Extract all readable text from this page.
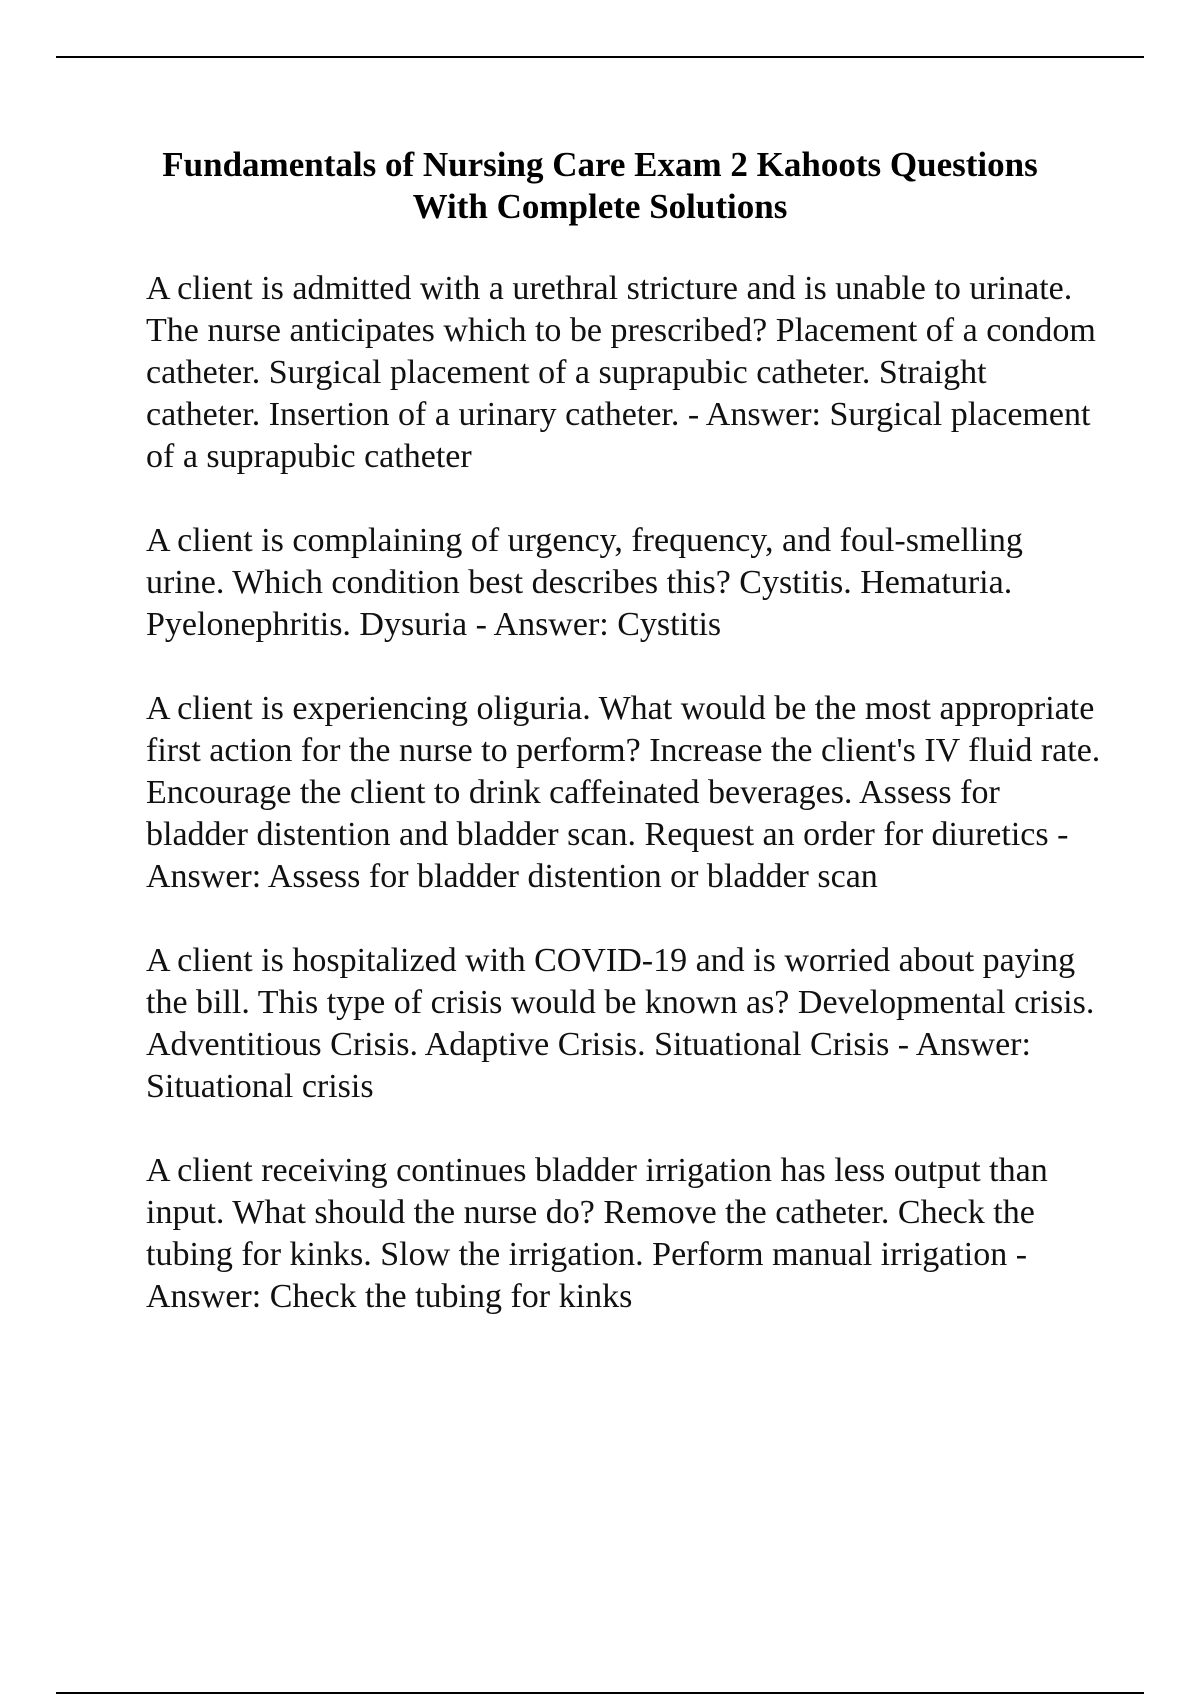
Fundamentals of Nursing Care Exam 2 Kahoots Questions
With Complete Solutions

A client is admitted with a urethral stricture and is unable to urinate. The nurse anticipates which to be prescribed? Placement of a condom catheter. Surgical placement of a suprapubic catheter. Straight catheter. Insertion of a urinary catheter. - Answer: Surgical placement of a suprapubic catheter

A client is complaining of urgency, frequency, and foul-smelling urine. Which condition best describes this? Cystitis. Hematuria. Pyelonephritis. Dysuria - Answer: Cystitis

A client is experiencing oliguria. What would be the most appropriate first action for the nurse to perform? Increase the client's IV fluid rate. Encourage the client to drink caffeinated beverages. Assess for bladder distention and bladder scan. Request an order for diuretics - Answer: Assess for bladder distention or bladder scan

A client is hospitalized with COVID-19 and is worried about paying the bill. This type of crisis would be known as? Developmental crisis. Adventitious Crisis. Adaptive Crisis. Situational Crisis - Answer: Situational crisis

A client receiving continues bladder irrigation has less output than input. What should the nurse do? Remove the catheter. Check the tubing for kinks. Slow the irrigation. Perform manual irrigation - Answer: Check the tubing for kinks
